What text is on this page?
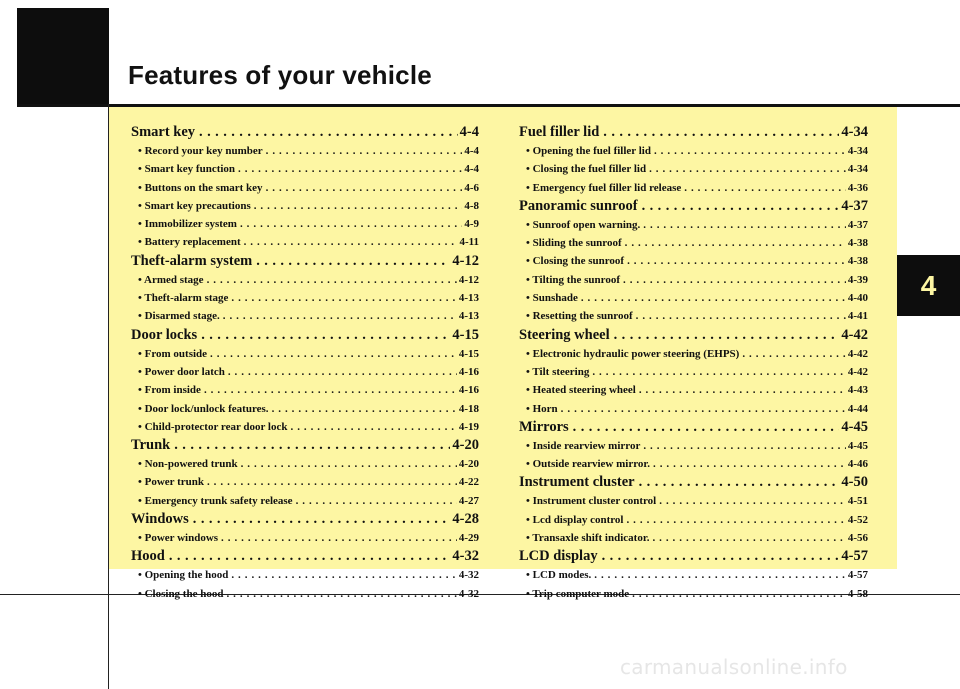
Features of your vehicle
Smart key . . .	4-4
• Record your key number . . .	4-4
• Smart key function . . .	4-4
• Buttons on the smart key . . .	4-6
• Smart key precautions . . .	4-8
• Immobilizer system . . .	4-9
• Battery replacement . . .	4-11
Theft-alarm system . . .	4-12
• Armed stage . . .	4-12
• Theft-alarm stage . . .	4-13
• Disarmed stage. . . .	4-13
Door locks . . .	4-15
• From outside . . .	4-15
• Power door latch . . .	4-16
• From inside . . .	4-16
• Door lock/unlock features. . . .	4-18
• Child-protector rear door lock . . .	4-19
Trunk . . .	4-20
• Non-powered trunk . . .	4-20
• Power trunk . . .	4-22
• Emergency trunk safety release . . .	4-27
Windows . . .	4-28
• Power windows . . .	4-29
Hood . . .	4-32
• Opening the hood . . .	4-32
• Closing the hood . . .	4-32
Fuel filler lid . . .	4-34
• Opening the fuel filler lid . . .	4-34
• Closing the fuel filler lid . . .	4-34
• Emergency fuel filler lid release . . .	4-36
Panoramic sunroof . . .	4-37
• Sunroof open warning. . . .	4-37
• Sliding the sunroof . . .	4-38
• Closing the sunroof . . .	4-38
• Tilting the sunroof . . .	4-39
• Sunshade . . .	4-40
• Resetting the sunroof . . .	4-41
Steering wheel . . .	4-42
• Electronic hydraulic power steering (EHPS) . . .	4-42
• Tilt steering . . .	4-42
• Heated steering wheel . . .	4-43
• Horn . . .	4-44
Mirrors . . .	4-45
• Inside rearview mirror . . .	4-45
• Outside rearview mirror. . . .	4-46
Instrument cluster . . .	4-50
• Instrument cluster control . . .	4-51
• Lcd display control . . .	4-52
• Transaxle shift indicator. . . .	4-56
LCD display . . .	4-57
• LCD modes. . . .	4-57
• Trip computer mode . . .	4-58
4
carmanualsonline.info
